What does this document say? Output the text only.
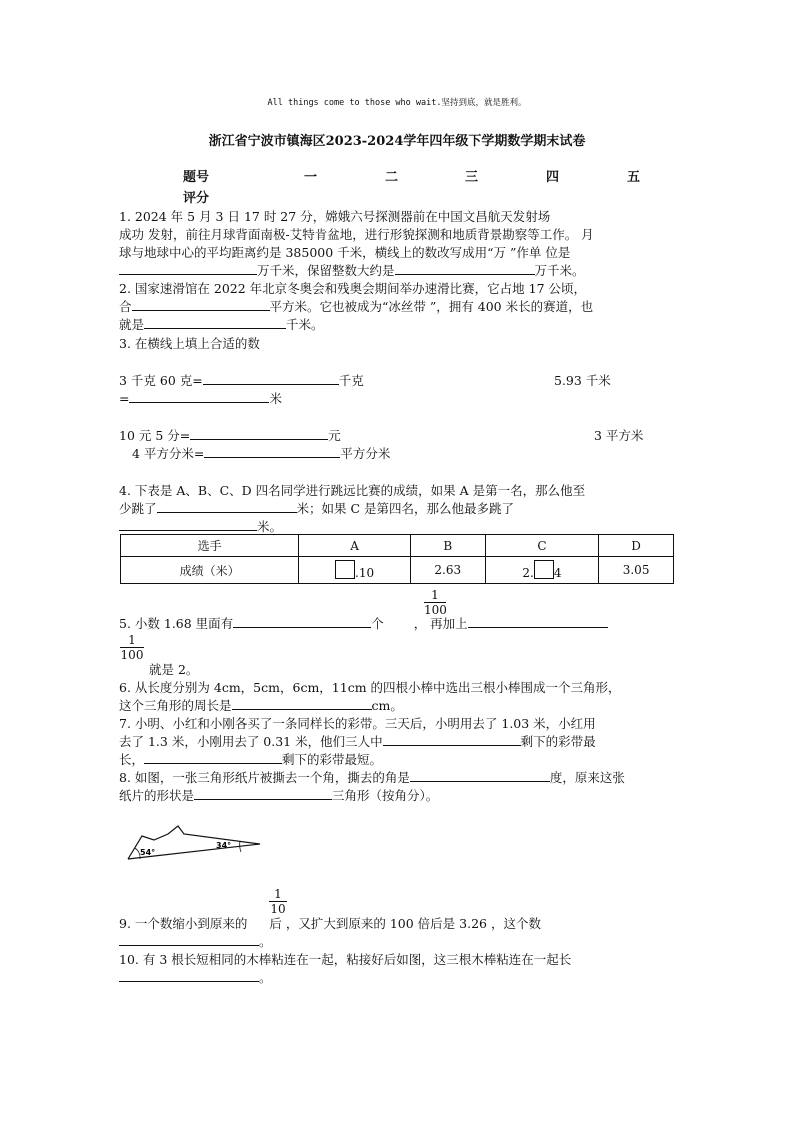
All things come to those who wait.坚持到底，就是胜利。
浙江省宁波市镇海区2023-2024学年四年级下学期数学期末试卷
题号	一	二	三	四	五
评分
1. 2024 年 5 月 3 日 17 时 27 分，嫦娥六号探测器前在中国文昌航天发射场
成功 发射，前往月球背面南极-艾特肯盆地，进行形貌探测和地质背景勘察等工作。 月
球与地球中心的平均距离约是 385000 千米，横线上的数改写成用“万 ”作单 位是
万千米，保留整数大约是	万千米。
2. 国家速滑馆在 2022 年北京冬奥会和残奥会期间举办速滑比赛，它占地 17 公顷，
合	平方米。它也被成为“冰丝带 ”，拥有 400 米长的赛道，也
就是	千米。
3. 在横线上填上合适的数
3 千克 60 克=	千克	5.93 千米
=	米
10 元 5 分=	元	3 平方米
4 平方分米=	平方分米
4. 下表是 A、B、C、D 四名同学进行跳远比赛的成绩，如果 A 是第一名，那么他至
少跳了	米；如果 C 是第四名，那么他最多跳了
米。
选手	A	B	C	D
成绩（米）	.10	2.63	2. 4	3.05
$\frac{1}{100}$
5. 小数 1.68 里面有	个 ， 再加上
$\frac{1}{100}$
就是 2。
6. 从长度分别为 4cm，5cm，6cm，11cm 的四根小棒中选出三根小棒围成一个三角形，
这个三角形的周长是	cm。
7. 小明、小红和小刚各买了一条同样长的彩带。三天后，小明用去了 1.03 米，小红用
去了 1.3 米，小刚用去了 0.31 米，他们三人中	剩下的彩带最
长，	剩下的彩带最短。
8. 如图，一张三角形纸片被撕去一个角，撕去的角是	度，原来这张
纸片的形状是	三角形（按角分）。
54°
34°
$\frac{1}{10}$
9. 一个数缩小到原来的 后 ，又扩大到原来的 100 倍后是 3.26 ，这个数
。
10. 有 3 根长短相同的木棒粘连在一起，粘接好后如图，这三根木棒粘连在一起长
。
